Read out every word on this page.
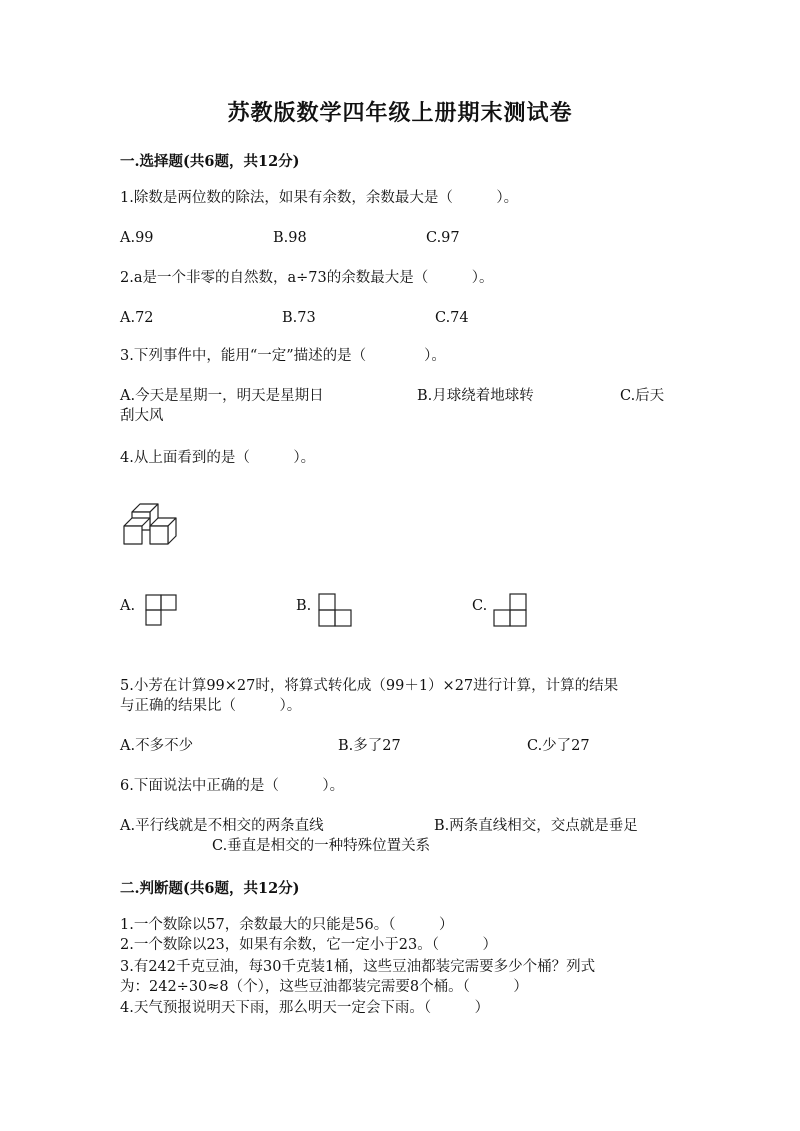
苏教版数学四年级上册期末测试卷
一.选择题(共6题，共12分)
1.除数是两位数的除法，如果有余数，余数最大是（　　　）。
A.99	B.98	C.97
2.a是一个非零的自然数，a÷73的余数最大是（　　　）。
A.72	B.73	C.74
3.下列事件中，能用“一定”描述的是（　　　　）。
A.今天是星期一，明天是星期日	B.月球绕着地球转	C.后天
刮大风
4.从上面看到的是（　　　）。
A.	B.	C.
5.小芳在计算99×27时，将算式转化成（99＋1）×27进行计算，计算的结果
与正确的结果比（　　　）。
A.不多不少	B.多了27	C.少了27
6.下面说法中正确的是（　　　）。
A.平行线就是不相交的两条直线	B.两条直线相交，交点就是垂足
C.垂直是相交的一种特殊位置关系
二.判断题(共6题，共12分)
1.一个数除以57，余数最大的只能是56。（　　　）
2.一个数除以23，如果有余数，它一定小于23。（　　　）
3.有242千克豆油，每30千克装1桶，这些豆油都装完需要多少个桶？列式
为：242÷30≈8（个），这些豆油都装完需要8个桶。（　　　）
4.天气预报说明天下雨，那么明天一定会下雨。（　　　）
